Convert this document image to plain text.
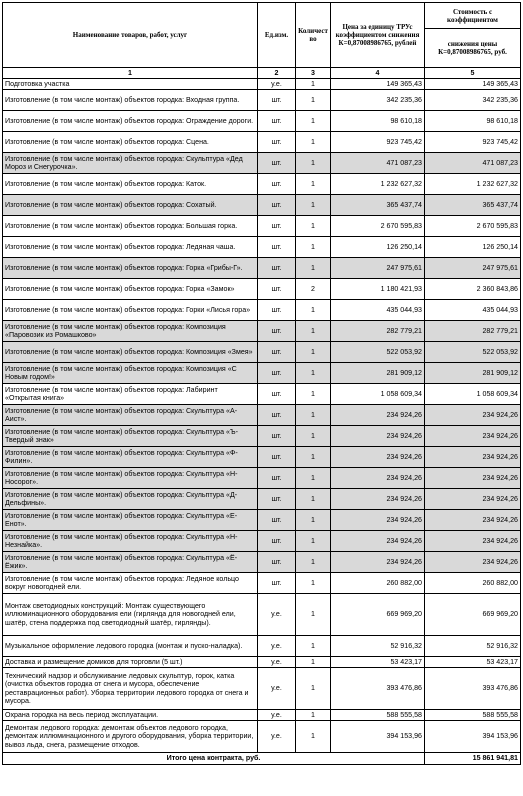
Наименование товаров, работ, услуг	Ед.изм.	Количест во	Цена за единицу ТРУс коэффициентом снижения К=0,87008986765, рублей	Стоимость с коэффициентом
				снижения цены К=0,87008986765, руб.
1	2	3	4	5
Подготовка участка	у.е.	1	149 365,43	149 365,43
Изготовление (в том числе монтаж) объектов городка: Входная группа.	шт.	1	342 235,36	342 235,36
Изготовление (в том числе монтаж) объектов городка: Ограждение дороги.	шт.	1	98 610,18	98 610,18
Изготовление (в том числе монтаж) объектов городка: Сцена.	шт.	1	923 745,42	923 745,42
Изготовление (в том числе монтаж) объектов городка: Скульптура «Дед Мороз и Снегурочка».	шт.	1	471 087,23	471 087,23
Изготовление (в том числе монтаж) объектов городка: Каток.	шт.	1	1 232 627,32	1 232 627,32
Изготовление (в том числе монтаж) объектов городка: Сохатый.	шт.	1	365 437,74	365 437,74
Изготовление (в том числе монтаж) объектов городка: Большая горка.	шт.	1	2 670 595,83	2 670 595,83
Изготовление (в том числе монтаж) объектов городка: Ледяная чаша.	шт.	1	126 250,14	126 250,14
Изготовление (в том числе монтаж) объектов городка: Горка «Грибы-Г».	шт.	1	247 975,61	247 975,61
Изготовление (в том числе монтаж) объектов городка: Горка «Замок»	шт.	2	1 180 421,93	2 360 843,86
Изготовление (в том числе монтаж) объектов городка: Горки «Лисья гора»	шт.	1	435 044,93	435 044,93
Изготовление (в том числе монтаж) объектов городка: Композиция «Паровозик из Ромашково»	шт.	1	282 779,21	282 779,21
Изготовление (в том числе монтаж) объектов городка: Композиция «Змея»	шт.	1	522 053,92	522 053,92
Изготовление (в том числе монтаж) объектов городка: Композиция «С Новым годом!»	шт.	1	281 909,12	281 909,12
Изготовление (в том числе монтаж) объектов городка: Лабиринт «Открытая книга»	шт.	1	1 058 609,34	1 058 609,34
Изготовление (в том числе монтаж) объектов городка: Скульптура «А-Аист».	шт.	1	234 924,26	234 924,26
Изготовление (в том числе монтаж) объектов городка: Скульптура «Ъ-Твердый знак»	шт.	1	234 924,26	234 924,26
Изготовление (в том числе монтаж) объектов городка: Скульптура «Ф-Филин».	шт.	1	234 924,26	234 924,26
Изготовление (в том числе монтаж) объектов городка: Скульптура «Н-Носорог».	шт.	1	234 924,26	234 924,26
Изготовление (в том числе монтаж) объектов городка: Скульптура «Д-Дельфины».	шт.	1	234 924,26	234 924,26
Изготовление (в том числе монтаж) объектов городка: Скульптура «Е-Енот».	шт.	1	234 924,26	234 924,26
Изготовление (в том числе монтаж) объектов городка: Скульптура «Н-Незнайка».	шт.	1	234 924,26	234 924,26
Изготовление (в том числе монтаж) объектов городка: Скульптура «Ё-Ёжик».	шт.	1	234 924,26	234 924,26
Изготовление (в том числе монтаж) объектов городка: Ледяное кольцо вокруг новогодней ели.	шт.	1	260 882,00	260 882,00
Монтаж светодиодных конструкций: Монтаж существующего иллюминационного оборудования ели (гирлянда для новогодней ели, шатёр, стена поддержка под светодиодный шатёр, гирлянды).	у.е.	1	669 969,20	669 969,20
Музыкальное оформление ледового городка (монтаж и пуско-наладка).	у.е.	1	52 916,32	52 916,32
Доставка и размещение домиков для торговли (5 шт.)	у.е.	1	53 423,17	53 423,17
Технический надзор и обслуживание ледовых скульптур, горок, катка (очистка объектов городка от снега и мусора, обеспечение реставрационных работ). Уборка территории ледового городка от снега и мусора.	у.е.	1	393 476,86	393 476,86
Охрана городка на весь период эксплуатации.	у.е.	1	588 555,58	588 555,58
Демонтаж ледового городка: демонтаж объектов ледового городка, демонтаж иллюминационного и другого оборудования, уборка территории, вывоз льда, снега, размещение отходов.	у.е.	1	394 153,96	394 153,96
Итого цена контракта, руб.				15 861 941,81
